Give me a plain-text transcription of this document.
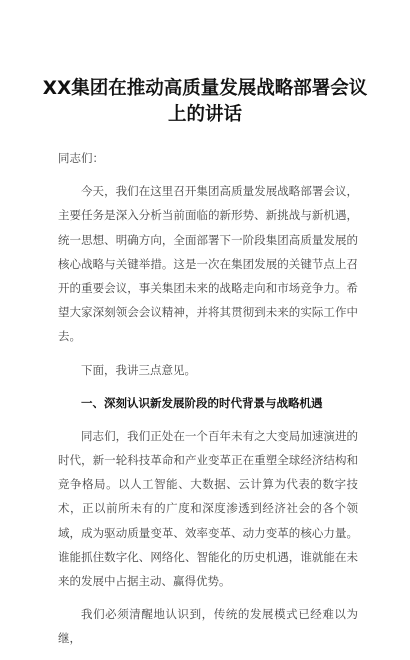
XX集团在推动高质量发展战略部署会议上的讲话

同志们：

今天，我们在这里召开集团高质量发展战略部署会议，主要任务是深入分析当前面临的新形势、新挑战与新机遇，统一思想、明确方向，全面部署下一阶段集团高质量发展的核心战略与关键举措。这是一次在集团发展的关键节点上召开的重要会议，事关集团未来的战略走向和市场竞争力。希望大家深刻领会会议精神，并将其贯彻到未来的实际工作中去。

下面，我讲三点意见。

一、深刻认识新发展阶段的时代背景与战略机遇

同志们，我们正处在一个百年未有之大变局加速演进的时代，新一轮科技革命和产业变革正在重塑全球经济结构和竞争格局。以人工智能、大数据、云计算为代表的数字技术，正以前所未有的广度和深度渗透到经济社会的各个领域，成为驱动质量变革、效率变革、动力变革的核心力量。谁能抓住数字化、网络化、智能化的历史机遇，谁就能在未来的发展中占据主动、赢得优势。

我们必须清醒地认识到，传统的发展模式已经难以为继，
